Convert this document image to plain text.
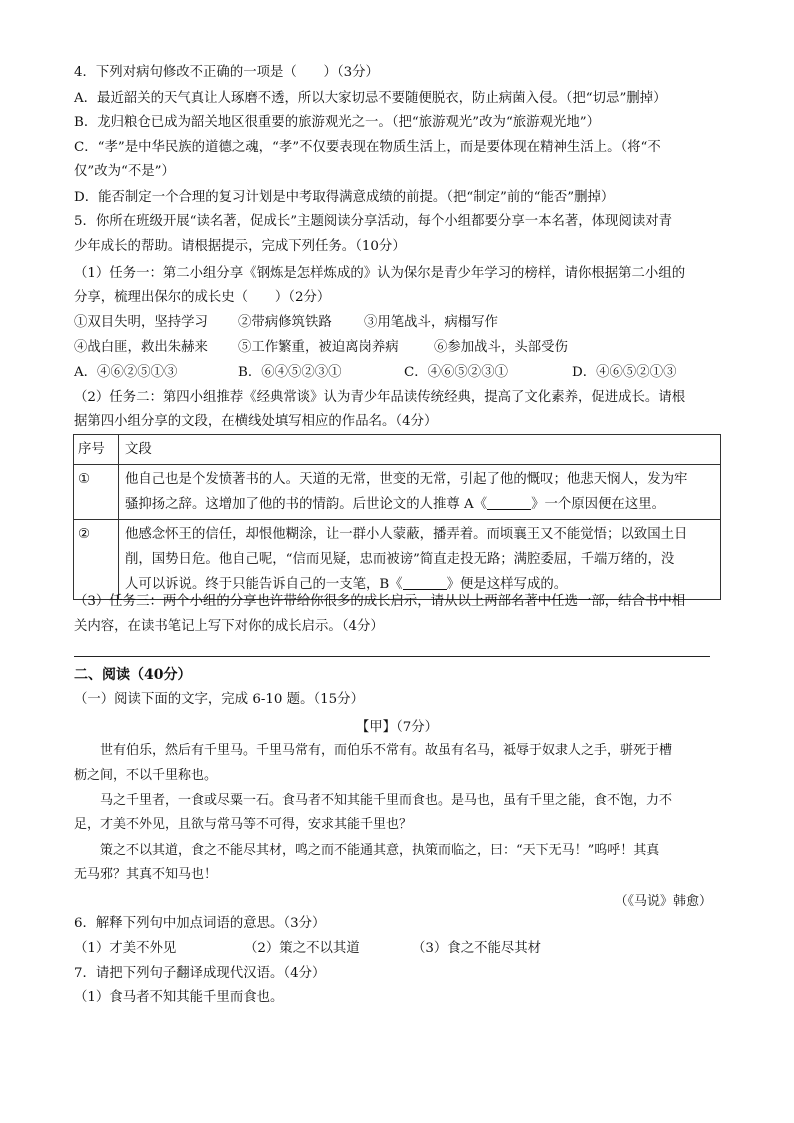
4．下列对病句修改不正确的一项是（　　）（3分）
A．最近韶关的天气真让人琢磨不透，所以大家切忌不要随便脱衣，防止病菌入侵。（把“切忌”删掉）
B．龙归粮仓已成为韶关地区很重要的旅游观光之一。（把“旅游观光”改为“旅游观光地”）
C．“孝”是中华民族的道德之魂，“孝”不仅要表现在物质生活上，而是要体现在精神生活上。（将“不
仅”改为“不是”）
D．能否制定一个合理的复习计划是中考取得满意成绩的前提。（把“制定”前的“能否”删掉）
5．你所在班级开展“读名著，促成长”主题阅读分享活动，每个小组都要分享一本名著，体现阅读对青
少年成长的帮助。请根据提示，完成下列任务。（10分）
（1）任务一：第二小组分享《钢炼是怎样炼成的》认为保尔是青少年学习的榜样，请你根据第二小组的
分享，梳理出保尔的成长史（　　）（2分）
①双目失明，坚持学习 ②带病修筑铁路 ③用笔战斗，病榻写作
④战白匪，救出朱赫来 ⑤工作繁重，被迫离岗养病	⑥参加战斗，头部受伤
A．④⑥②⑤①③	B．⑥④⑤②③①	C．④⑥⑤②③①	D．④⑥⑤②①③
（2）任务二：第四小组推荐《经典常谈》认为青少年品读传统经典，提高了文化素养，促进成长。请根
据第四小组分享的文段，在横线处填写相应的作品名。（4分）
序号	文段
①	他自己也是个发愤著书的人。天道的无常，世变的无常，引起了他的慨叹；他悲天悯人，发为牢
骚抑扬之辞。这增加了他的书的情韵。后世论文的人推尊 A《 》一个原因便在这里。

②	他感念怀王的信任，却恨他糊涂，让一群小人蒙蔽，播弄着。而顷襄王又不能觉悟；以致国土日
削，国势日危。他自己呢，“信而见疑，忠而被谤”简直走投无路；满腔委屈，千端万绪的，没
人可以诉说。终于只能告诉自己的一支笔，B《 》便是这样写成的。
（3）任务三：两个小组的分享也许带给你很多的成长启示，请从以上两部名著中任选一部，结合书中相
关内容，在读书笔记上写下对你的成长启示。（4分）
二、阅读（40分）
（一）阅读下面的文字，完成 6-10 题。（15分）
【甲】（7分）
世有伯乐，然后有千里马。千里马常有，而伯乐不常有。故虽有名马，祗辱于奴隶人之手，骈死于槽
枥之间，不以千里称也。
马之千里者，一食或尽粟一石。食马者不知其能千里而食也。是马也，虽有千里之能，食不饱，力不
足，才美不外见，且欲与常马等不可得，安求其能千里也？
策之不以其道，食之不能尽其材，鸣之而不能通其意，执策而临之，曰：“天下无马！”呜呼！其真
无马邪？其真不知马也！
（《马说》韩愈）
6．解释下列句中加点词语的意思。（3分）
（1）才美不外见	（2）策之不以其道	（3）食之不能尽其材
7．请把下列句子翻译成现代汉语。（4分）
（1）食马者不知其能千里而食也。
